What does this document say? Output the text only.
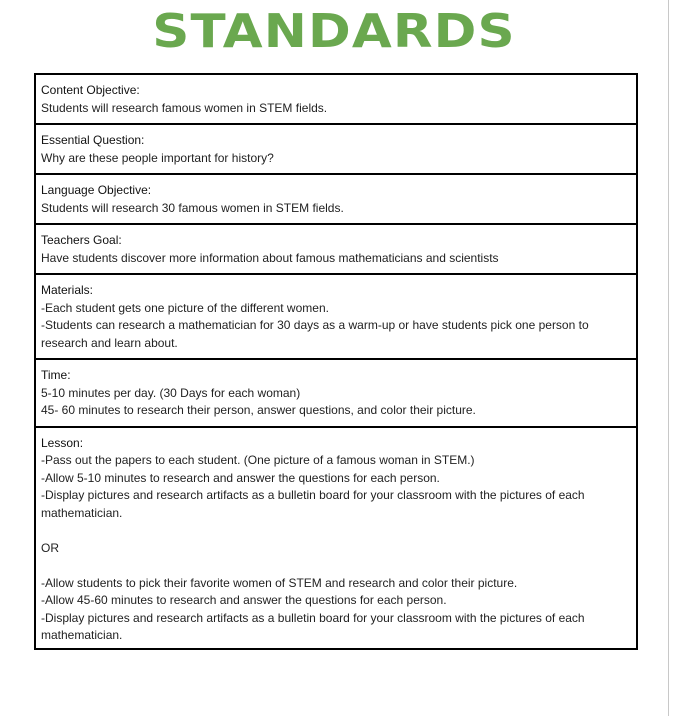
STANDARDS
Content Objective:
Students will research famous women in STEM fields.
Essential Question:
Why are these people important for history?
Language Objective:
Students will research 30 famous women in STEM fields.
Teachers Goal:
Have students discover more information about famous mathematicians and scientists
Materials:
-Each student gets one picture of the different women.
-Students can research a mathematician for 30 days as a warm-up or have students pick one person to research and learn about.
Time:
5-10 minutes per day. (30 Days for each woman)
45- 60 minutes to research their person, answer questions, and color their picture.
Lesson:
-Pass out the papers to each student. (One picture of a famous woman in STEM.)
-Allow 5-10 minutes to research and answer the questions for each person.
-Display pictures and research artifacts as a bulletin board for your classroom with the pictures of each mathematician.
OR
-Allow students to pick their favorite women of STEM and research and color their picture.
-Allow 45-60 minutes to research and answer the questions for each person.
-Display pictures and research artifacts as a bulletin board for your classroom with the pictures of each mathematician.
